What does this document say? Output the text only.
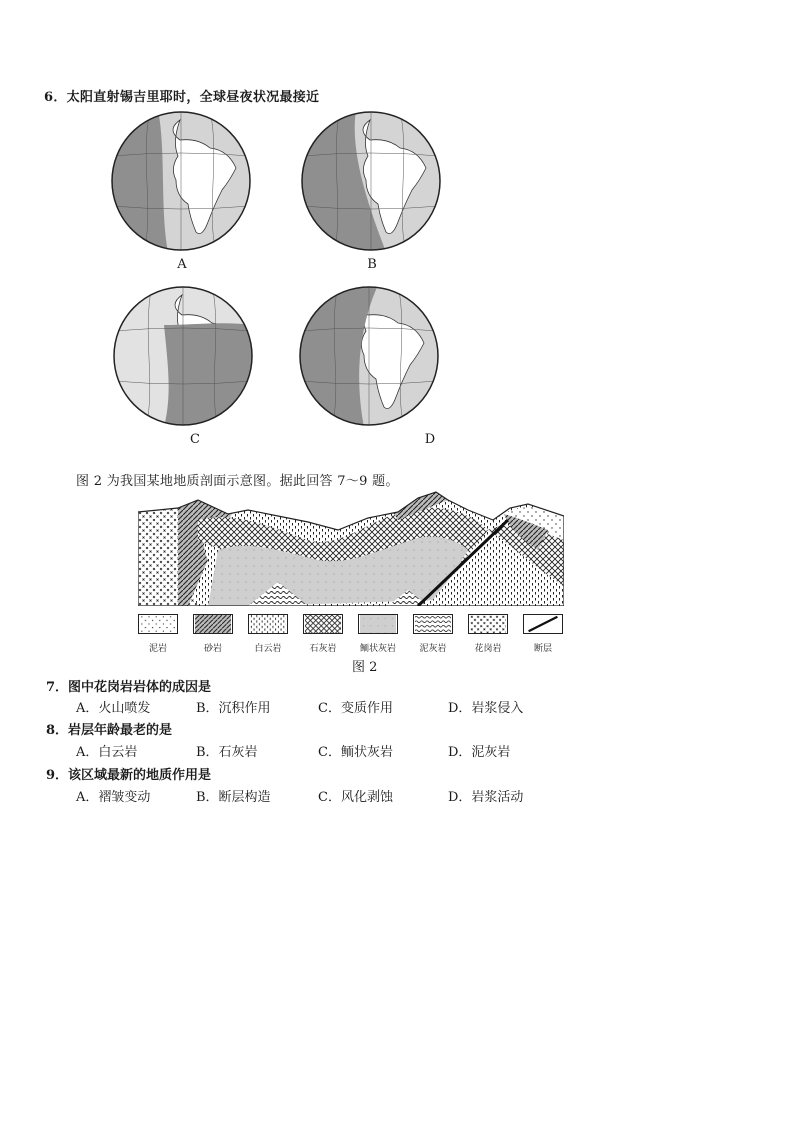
6．太阳直射锡吉里耶时，全球昼夜状况最接近
A	B
C	D
图 2 为我国某地地质剖面示意图。据此回答 7～9 题。
泥岩	砂岩	白云岩	石灰岩	鲕状灰岩	泥灰岩	花岗岩	断层
图 2
7．图中花岗岩岩体的成因是
A．火山喷发	B．沉积作用	C．变质作用	D．岩浆侵入
8．岩层年龄最老的是
A．白云岩	B．石灰岩	C．鲕状灰岩	D．泥灰岩
9．该区域最新的地质作用是
A．褶皱变动	B．断层构造	C．风化剥蚀	D．岩浆活动
